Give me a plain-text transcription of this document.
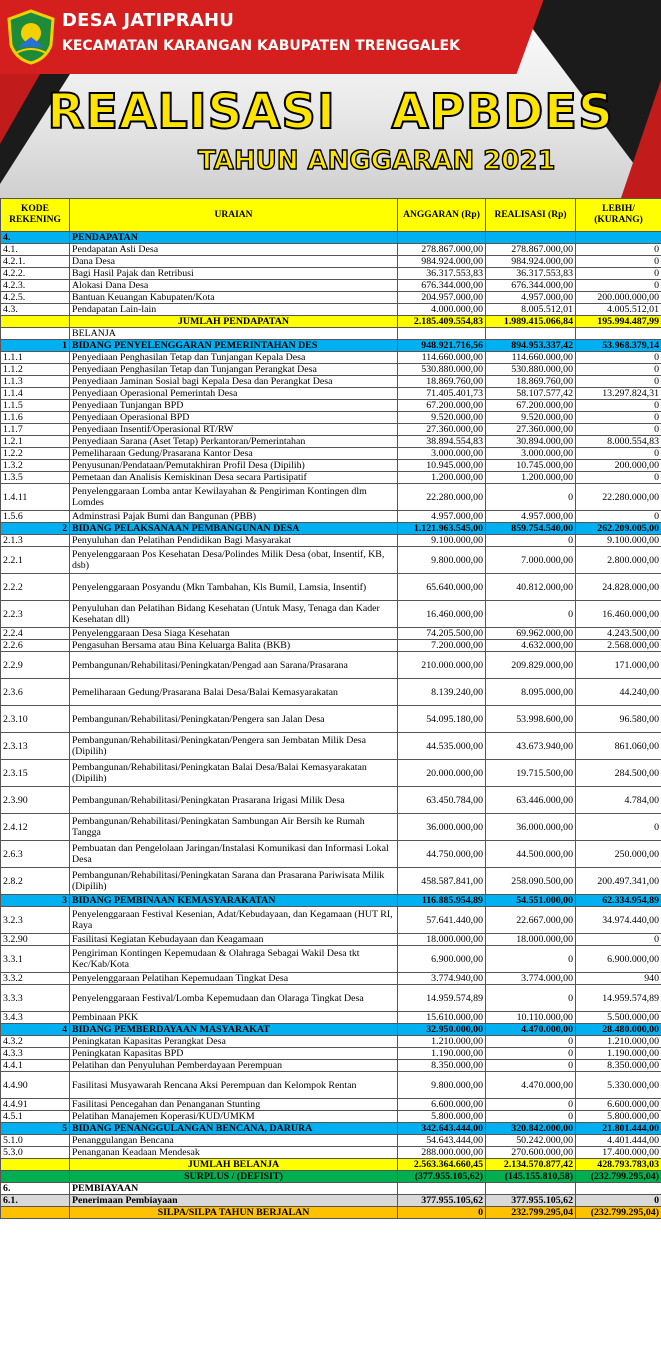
DESA JATIPRAHU
KECAMATAN KARANGAN KABUPATEN TRENGGALEK
REALISASI APBDES
TAHUN ANGGARAN 2021
KODE REKENING	URAIAN	ANGGARAN (Rp)	REALISASI (Rp)	LEBIH/ (KURANG)
4.	PENDAPATAN			
4.1.	Pendapatan Asli Desa	278.867.000,00	278.867.000,00	0
4.2.1.	Dana Desa	984.924.000,00	984.924.000,00	0
4.2.2.	Bagi Hasil Pajak dan Retribusi	36.317.553,83	36.317.553,83	0
4.2.3.	Alokasi Dana Desa	676.344.000,00	676.344.000,00	0
4.2.5.	Bantuan Keuangan Kabupaten/Kota	204.957.000,00	4.957.000,00	200.000.000,00
4.3.	Pendapatan Lain-lain	4.000.000,00	8.005.512,01	4.005.512,01
	JUMLAH PENDAPATAN	2.185.409.554,83	1.989.415.066,84	195.994.487,99
	BELANJA			
1	BIDANG PENYELENGGARAN PEMERINTAHAN DES	948.921.716,56	894.953.337,42	53.968.379,14
1.1.1	Penyediaan Penghasilan Tetap dan Tunjangan Kepala Desa	114.660.000,00	114.660.000,00	0
1.1.2	Penyediaan Penghasilan Tetap dan Tunjangan Perangkat Desa	530.880.000,00	530.880.000,00	0
1.1.3	Penyediaan Jaminan Sosial bagi Kepala Desa dan Perangkat Desa	18.869.760,00	18.869.760,00	0
1.1.4	Penyediaan Operasional Pemerintah Desa	71.405.401,73	58.107.577,42	13.297.824,31
1.1.5	Penyediaan Tunjangan BPD	67.200.000,00	67.200.000,00	0
1.1.6	Penyediaan Operasional BPD	9.520.000,00	9.520.000,00	0
1.1.7	Penyediaan Insentif/Operasional RT/RW	27.360.000,00	27.360.000,00	0
1.2.1	Penyediaan Sarana (Aset Tetap) Perkantoran/Pemerintahan	38.894.554,83	30.894.000,00	8.000.554,83
1.2.2	Pemeliharaan Gedung/Prasarana Kantor Desa	3.000.000,00	3.000.000,00	0
1.3.2	Penyusunan/Pendataan/Pemutakhiran Profil Desa (Dipilih)	10.945.000,00	10.745.000,00	200.000,00
1.3.5	Pemetaan dan Analisis Kemiskinan Desa secara Partisipatif	1.200.000,00	1.200.000,00	0
1.4.11	Penyelenggaraan Lomba antar Kewilayahan & Pengiriman Kontingen dlm Lomdes	22.280.000,00	0	22.280.000,00
1.5.6	Adminstrasi Pajak Bumi dan Bangunan (PBB)	4.957.000,00	4.957.000,00	0
2	BIDANG PELAKSANAAN PEMBANGUNAN DESA	1.121.963.545,00	859.754.540,00	262.209.005,00
2.1.3	Penyuluhan dan Pelatihan Pendidikan Bagi Masyarakat	9.100.000,00	0	9.100.000,00
2.2.1	Penyelenggaraan Pos Kesehatan Desa/Polindes Milik Desa (obat, Insentif, KB, dsb)	9.800.000,00	7.000.000,00	2.800.000,00
2.2.2	Penyelenggaraan Posyandu (Mkn Tambahan, Kls Bumil, Lamsia, Insentif)	65.640.000,00	40.812.000,00	24.828.000,00
2.2.3	Penyuluhan dan Pelatihan Bidang Kesehatan (Untuk Masy, Tenaga dan Kader Kesehatan dll)	16.460.000,00	0	16.460.000,00
2.2.4	Penyelenggaraan Desa Siaga Kesehatan	74.205.500,00	69.962.000,00	4.243.500,00
2.2.6	Pengasuhan Bersama atau Bina Keluarga Balita (BKB)	7.200.000,00	4.632.000,00	2.568.000,00
2.2.9	Pembangunan/Rehabilitasi/Peningkatan/Pengad aan Sarana/Prasarana	210.000.000,00	209.829.000,00	171.000,00
2.3.6	Pemeliharaan Gedung/Prasarana Balai Desa/Balai Kemasyarakatan	8.139.240,00	8.095.000,00	44.240,00
2.3.10	Pembangunan/Rehabilitasi/Peningkatan/Pengera san Jalan Desa	54.095.180,00	53.998.600,00	96.580,00
2.3.13	Pembangunan/Rehabilitasi/Peningkatan/Pengera san Jembatan Milik Desa (Dipilih)	44.535.000,00	43.673.940,00	861.060,00
2.3.15	Pembangunan/Rehabilitasi/Peningkatan Balai Desa/Balai Kemasyarakatan (Dipilih)	20.000.000,00	19.715.500,00	284.500,00
2.3.90	Pembangunan/Rehabilitasi/Peningkatan Prasarana Irigasi Milik Desa	63.450.784,00	63.446.000,00	4.784,00
2.4.12	Pembangunan/Rehabilitasi/Peningkatan Sambungan Air Bersih ke Rumah Tangga	36.000.000,00	36.000.000,00	0
2.6.3	Pembuatan dan Pengelolaan Jaringan/Instalasi Komunikasi dan Informasi Lokal Desa	44.750.000,00	44.500.000,00	250.000,00
2.8.2	Pembangunan/Rehabilitasi/Peningkatan Sarana dan Prasarana Pariwisata Milik (Dipilih)	458.587.841,00	258.090.500,00	200.497.341,00
3	BIDANG PEMBINAAN KEMASYARAKATAN	116.885.954,89	54.551.000,00	62.334.954,89
3.2.3	Penyelenggaraan Festival Kesenian, Adat/Kebudayaan, dan Kegamaan (HUT RI, Raya	57.641.440,00	22.667.000,00	34.974.440,00
3.2.90	Fasilitasi Kegiatan Kebudayaan dan Keagamaan	18.000.000,00	18.000.000,00	0
3.3.1	Pengiriman Kontingen Kepemudaan & Olahraga Sebagai Wakil Desa tkt Kec/Kab/Kota	6.900.000,00	0	6.900.000,00
3.3.2	Penyelenggaraan Pelatihan Kepemudaan Tingkat Desa	3.774.940,00	3.774.000,00	940
3.3.3	Penyelenggaraan Festival/Lomba Kepemudaan dan Olaraga Tingkat Desa	14.959.574,89	0	14.959.574,89
3.4.3	Pembinaan PKK	15.610.000,00	10.110.000,00	5.500.000,00
4	BIDANG PEMBERDAYAAN MASYARAKAT	32.950.000,00	4.470.000,00	28.480.000,00
4.3.2	Peningkatan Kapasitas Perangkat Desa	1.210.000,00	0	1.210.000,00
4.3.3	Peningkatan Kapasitas BPD	1.190.000,00	0	1.190.000,00
4.4.1	Pelatihan dan Penyuluhan Pemberdayaan Perempuan	8.350.000,00	0	8.350.000,00
4.4.90	Fasilitasi Musyawarah Rencana Aksi Perempuan dan Kelompok Rentan	9.800.000,00	4.470.000,00	5.330.000,00
4.4.91	Fasilitasi Pencegahan dan Penanganan Stunting	6.600.000,00	0	6.600.000,00
4.5.1	Pelatihan Manajemen Koperasi/KUD/UMKM	5.800.000,00	0	5.800.000,00
5	BIDANG PENANGGULANGAN BENCANA, DARURA	342.643.444,00	320.842.000,00	21.801.444,00
5.1.0	Penanggulangan Bencana	54.643.444,00	50.242.000,00	4.401.444,00
5.3.0	Penanganan Keadaan Mendesak	288.000.000,00	270.600.000,00	17.400.000,00
	JUMLAH BELANJA	2.563.364.660,45	2.134.570.877,42	428.793.783,03
	SURPLUS / (DEFISIT)	(377.955.105,62)	(145.155.810,58)	(232.799.295,04)
6.	PEMBIAYAAN			
6.1.	Penerimaan Pembiayaan	377.955.105,62	377.955.105,62	0
	SILPA/SILPA TAHUN BERJALAN	0	232.799.295,04	(232.799.295,04)
